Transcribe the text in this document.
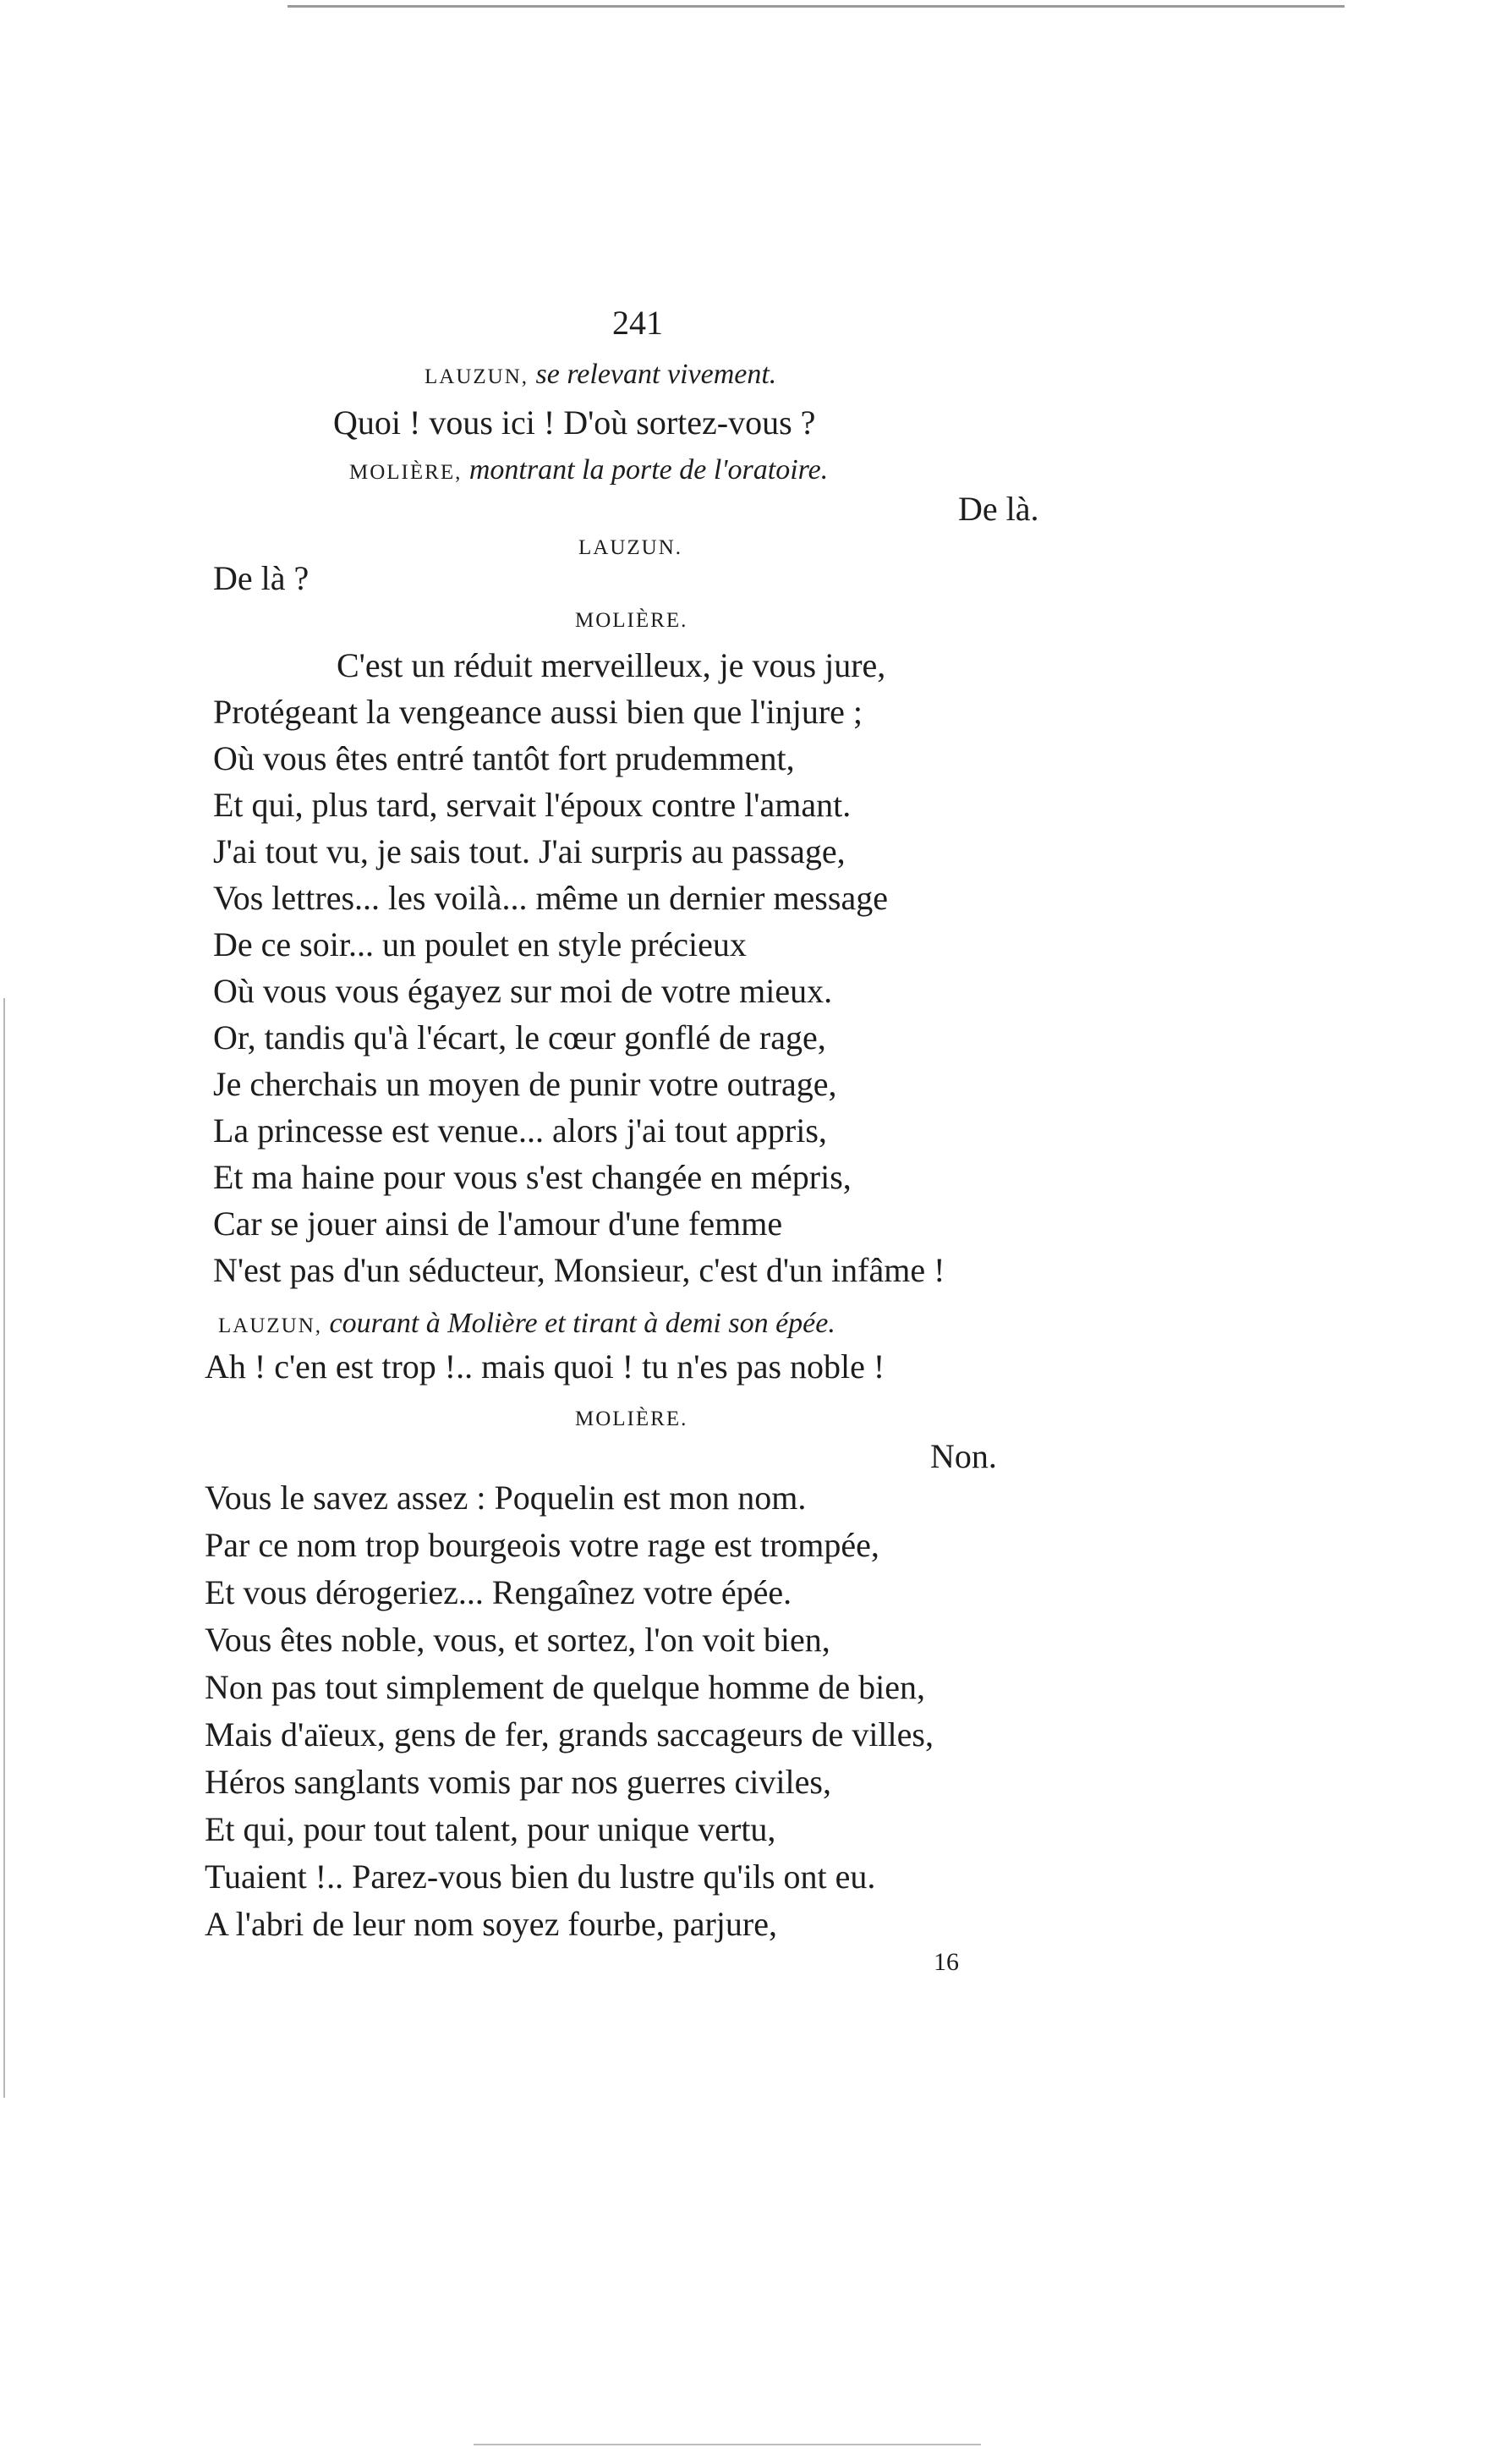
241
LAUZUN, se relevant vivement.
Quoi ! vous ici ! D'où sortez-vous ?
MOLIÈRE, montrant la porte de l'oratoire.
De là.
LAUZUN.
De là ?
MOLIÈRE.
C'est un réduit merveilleux, je vous jure,
Protégeant la vengeance aussi bien que l'injure ;
Où vous êtes entré tantôt fort prudemment,
Et qui, plus tard, servait l'époux contre l'amant.
J'ai tout vu, je sais tout. J'ai surpris au passage,
Vos lettres... les voilà... même un dernier message
De ce soir... un poulet en style précieux
Où vous vous égayez sur moi de votre mieux.
Or, tandis qu'à l'écart, le cœur gonflé de rage,
Je cherchais un moyen de punir votre outrage,
La princesse est venue... alors j'ai tout appris,
Et ma haine pour vous s'est changée en mépris,
Car se jouer ainsi de l'amour d'une femme
N'est pas d'un séducteur, Monsieur, c'est d'un infâme !
LAUZUN, courant à Molière et tirant à demi son épée.
Ah ! c'en est trop !.. mais quoi ! tu n'es pas noble !
MOLIÈRE.
Non.
Vous le savez assez : Poquelin est mon nom.
Par ce nom trop bourgeois votre rage est trompée,
Et vous dérogeriez... Rengaînez votre épée.
Vous êtes noble, vous, et sortez, l'on voit bien,
Non pas tout simplement de quelque homme de bien,
Mais d'aïeux, gens de fer, grands saccageurs de villes,
Héros sanglants vomis par nos guerres civiles,
Et qui, pour tout talent, pour unique vertu,
Tuaient !.. Parez-vous bien du lustre qu'ils ont eu.
A l'abri de leur nom soyez fourbe, parjure,
16
